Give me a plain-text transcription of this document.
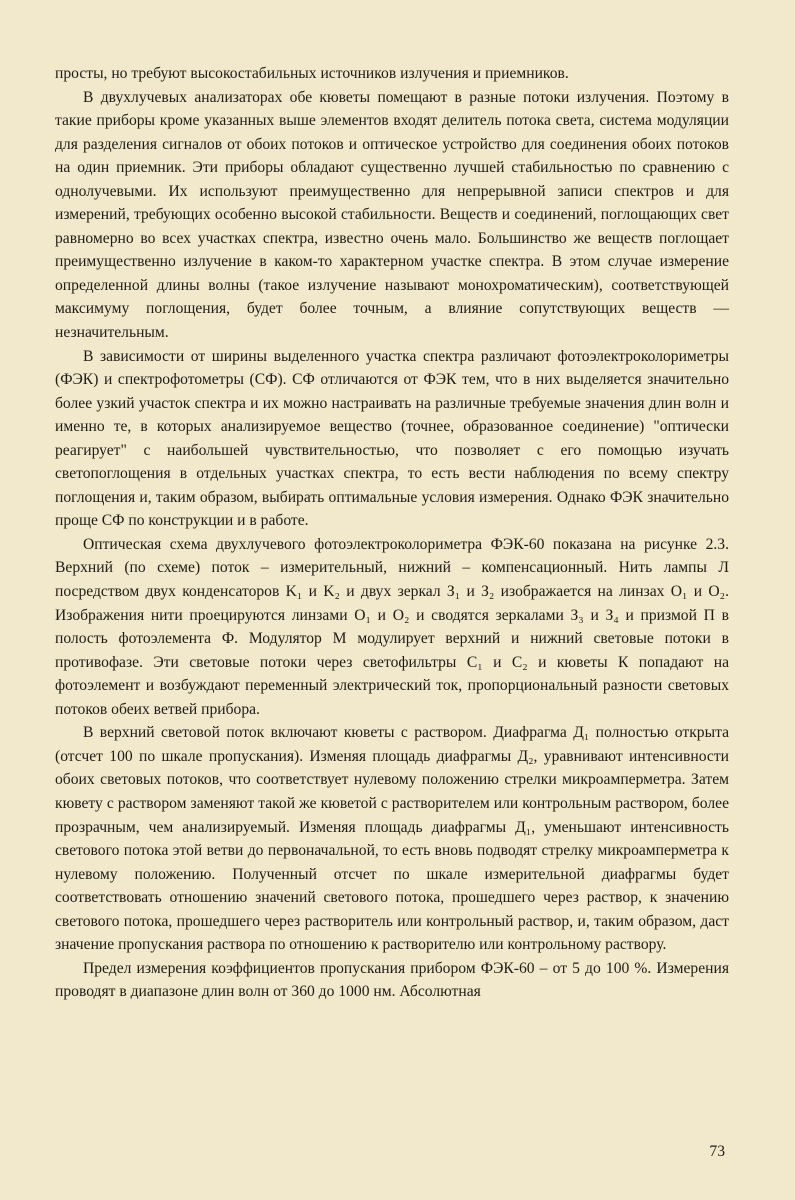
просты, но требуют высокостабильных источников излучения и приемников.

В двухлучевых анализаторах обе кюветы помещают в разные потоки излучения. Поэтому в такие приборы кроме указанных выше элементов входят делитель потока света, система модуляции для разделения сигналов от обоих потоков и оптическое устройство для соединения обоих потоков на один приемник. Эти приборы обладают существенно лучшей стабильностью по сравнению с однолучевыми. Их используют преимущественно для непрерывной записи спектров и для измерений, требующих особенно высокой стабильности. Веществ и соединений, поглощающих свет равномерно во всех участках спектра, известно очень мало. Большинство же веществ поглощает преимущественно излучение в каком-то характерном участке спектра. В этом случае измерение определенной длины волны (такое излучение называют монохроматическим), соответствующей максимуму поглощения, будет более точным, а влияние сопутствующих веществ — незначительным.

В зависимости от ширины выделенного участка спектра различают фотоэлектроколориметры (ФЭК) и спектрофотометры (СФ). СФ отличаются от ФЭК тем, что в них выделяется значительно более узкий участок спектра и их можно настраивать на различные требуемые значения длин волн и именно те, в которых анализируемое вещество (точнее, образованное соединение) "оптически реагирует" с наибольшей чувствительностью, что позволяет с его помощью изучать светопоглощения в отдельных участках спектра, то есть вести наблюдения по всему спектру поглощения и, таким образом, выбирать оптимальные условия измерения. Однако ФЭК значительно проще СФ по конструкции и в работе.

Оптическая схема двухлучевого фотоэлектроколориметра ФЭК-60 показана на рисунке 2.3. Верхний (по схеме) поток – измерительный, нижний – компенсационный. Нить лампы Л посредством двух конденсаторов K₁ и K₂ и двух зеркал З₁ и З₂ изображается на линзах O₁ и O₂. Изображения нити проецируются линзами O₁ и O₂ и сводятся зеркалами З₃ и З₄ и призмой П в полость фотоэлемента Ф. Модулятор М модулирует верхний и нижний световые потоки в противофазе. Эти световые потоки через светофильтры C₁ и C₂ и кюветы К попадают на фотоэлемент и возбуждают переменный электрический ток, пропорциональный разности световых потоков обеих ветвей прибора.

В верхний световой поток включают кюветы с раствором. Диафрагма Д₁ полностью открыта (отсчет 100 по шкале пропускания). Изменяя площадь диафрагмы Д₂, уравнивают интенсивности обоих световых потоков, что соответствует нулевому положению стрелки микроамперметра. Затем кювету с раствором заменяют такой же кюветой с растворителем или контрольным раствором, более прозрачным, чем анализируемый. Изменяя площадь диафрагмы Д₁, уменьшают интенсивность светового потока этой ветви до первоначальной, то есть вновь подводят стрелку микроамперметра к нулевому положению. Полученный отсчет по шкале измерительной диафрагмы будет соответствовать отношению значений светового потока, прошедшего через раствор, к значению светового потока, прошедшего через растворитель или контрольный раствор, и, таким образом, даст значение пропускания раствора по отношению к растворителю или контрольному раствору.

Предел измерения коэффициентов пропускания прибором ФЭК-60 – от 5 до 100 %. Измерения проводят в диапазоне длин волн от 360 до 1000 нм. Абсолютная

73
